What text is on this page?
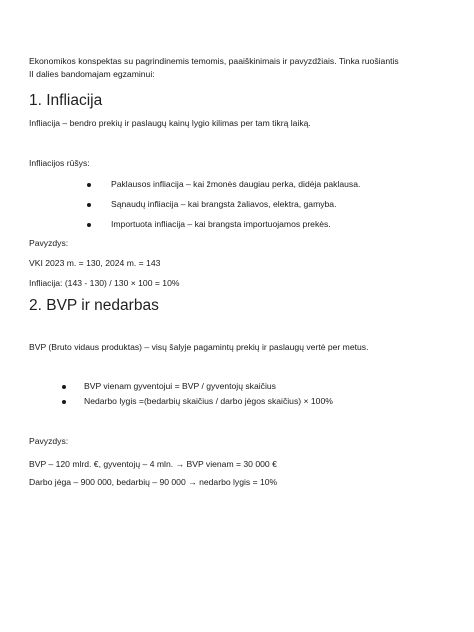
Ekonomikos konspektas su pagrindinemis temomis, paaiškinimais ir pavyzdžiais. Tinka ruošiantis

II dalies bandomajam egzaminui:

1. Infliacija

Infliacija – bendro prekių ir paslaugų kainų lygio kilimas per tam tikrą laiką.

Infliacijos rūšys:

Paklausos infliacija – kai žmonės daugiau perka, didėja paklausa.
Sąnaudų infliacija – kai brangsta žaliavos, elektra, gamyba.
Importuota infliacija – kai brangsta importuojamos prekės.

Pavyzdys:

VKI 2023 m. = 130, 2024 m. = 143

Infliacija: (143 - 130) / 130 × 100 = 10%

2. BVP ir nedarbas

BVP (Bruto vidaus produktas) – visų šalyje pagamintų prekių ir paslaugų vertė per metus.

BVP vienam gyventojui = BVP / gyventojų skaičius
Nedarbo lygis =(bedarbių skaičius / darbo jėgos skaičius) × 100%

Pavyzdys:

BVP – 120 mlrd. €, gyventojų – 4 mln. → BVP vienam = 30 000 €

Darbo jėga – 900 000, bedarbių – 90 000 → nedarbo lygis = 10%
